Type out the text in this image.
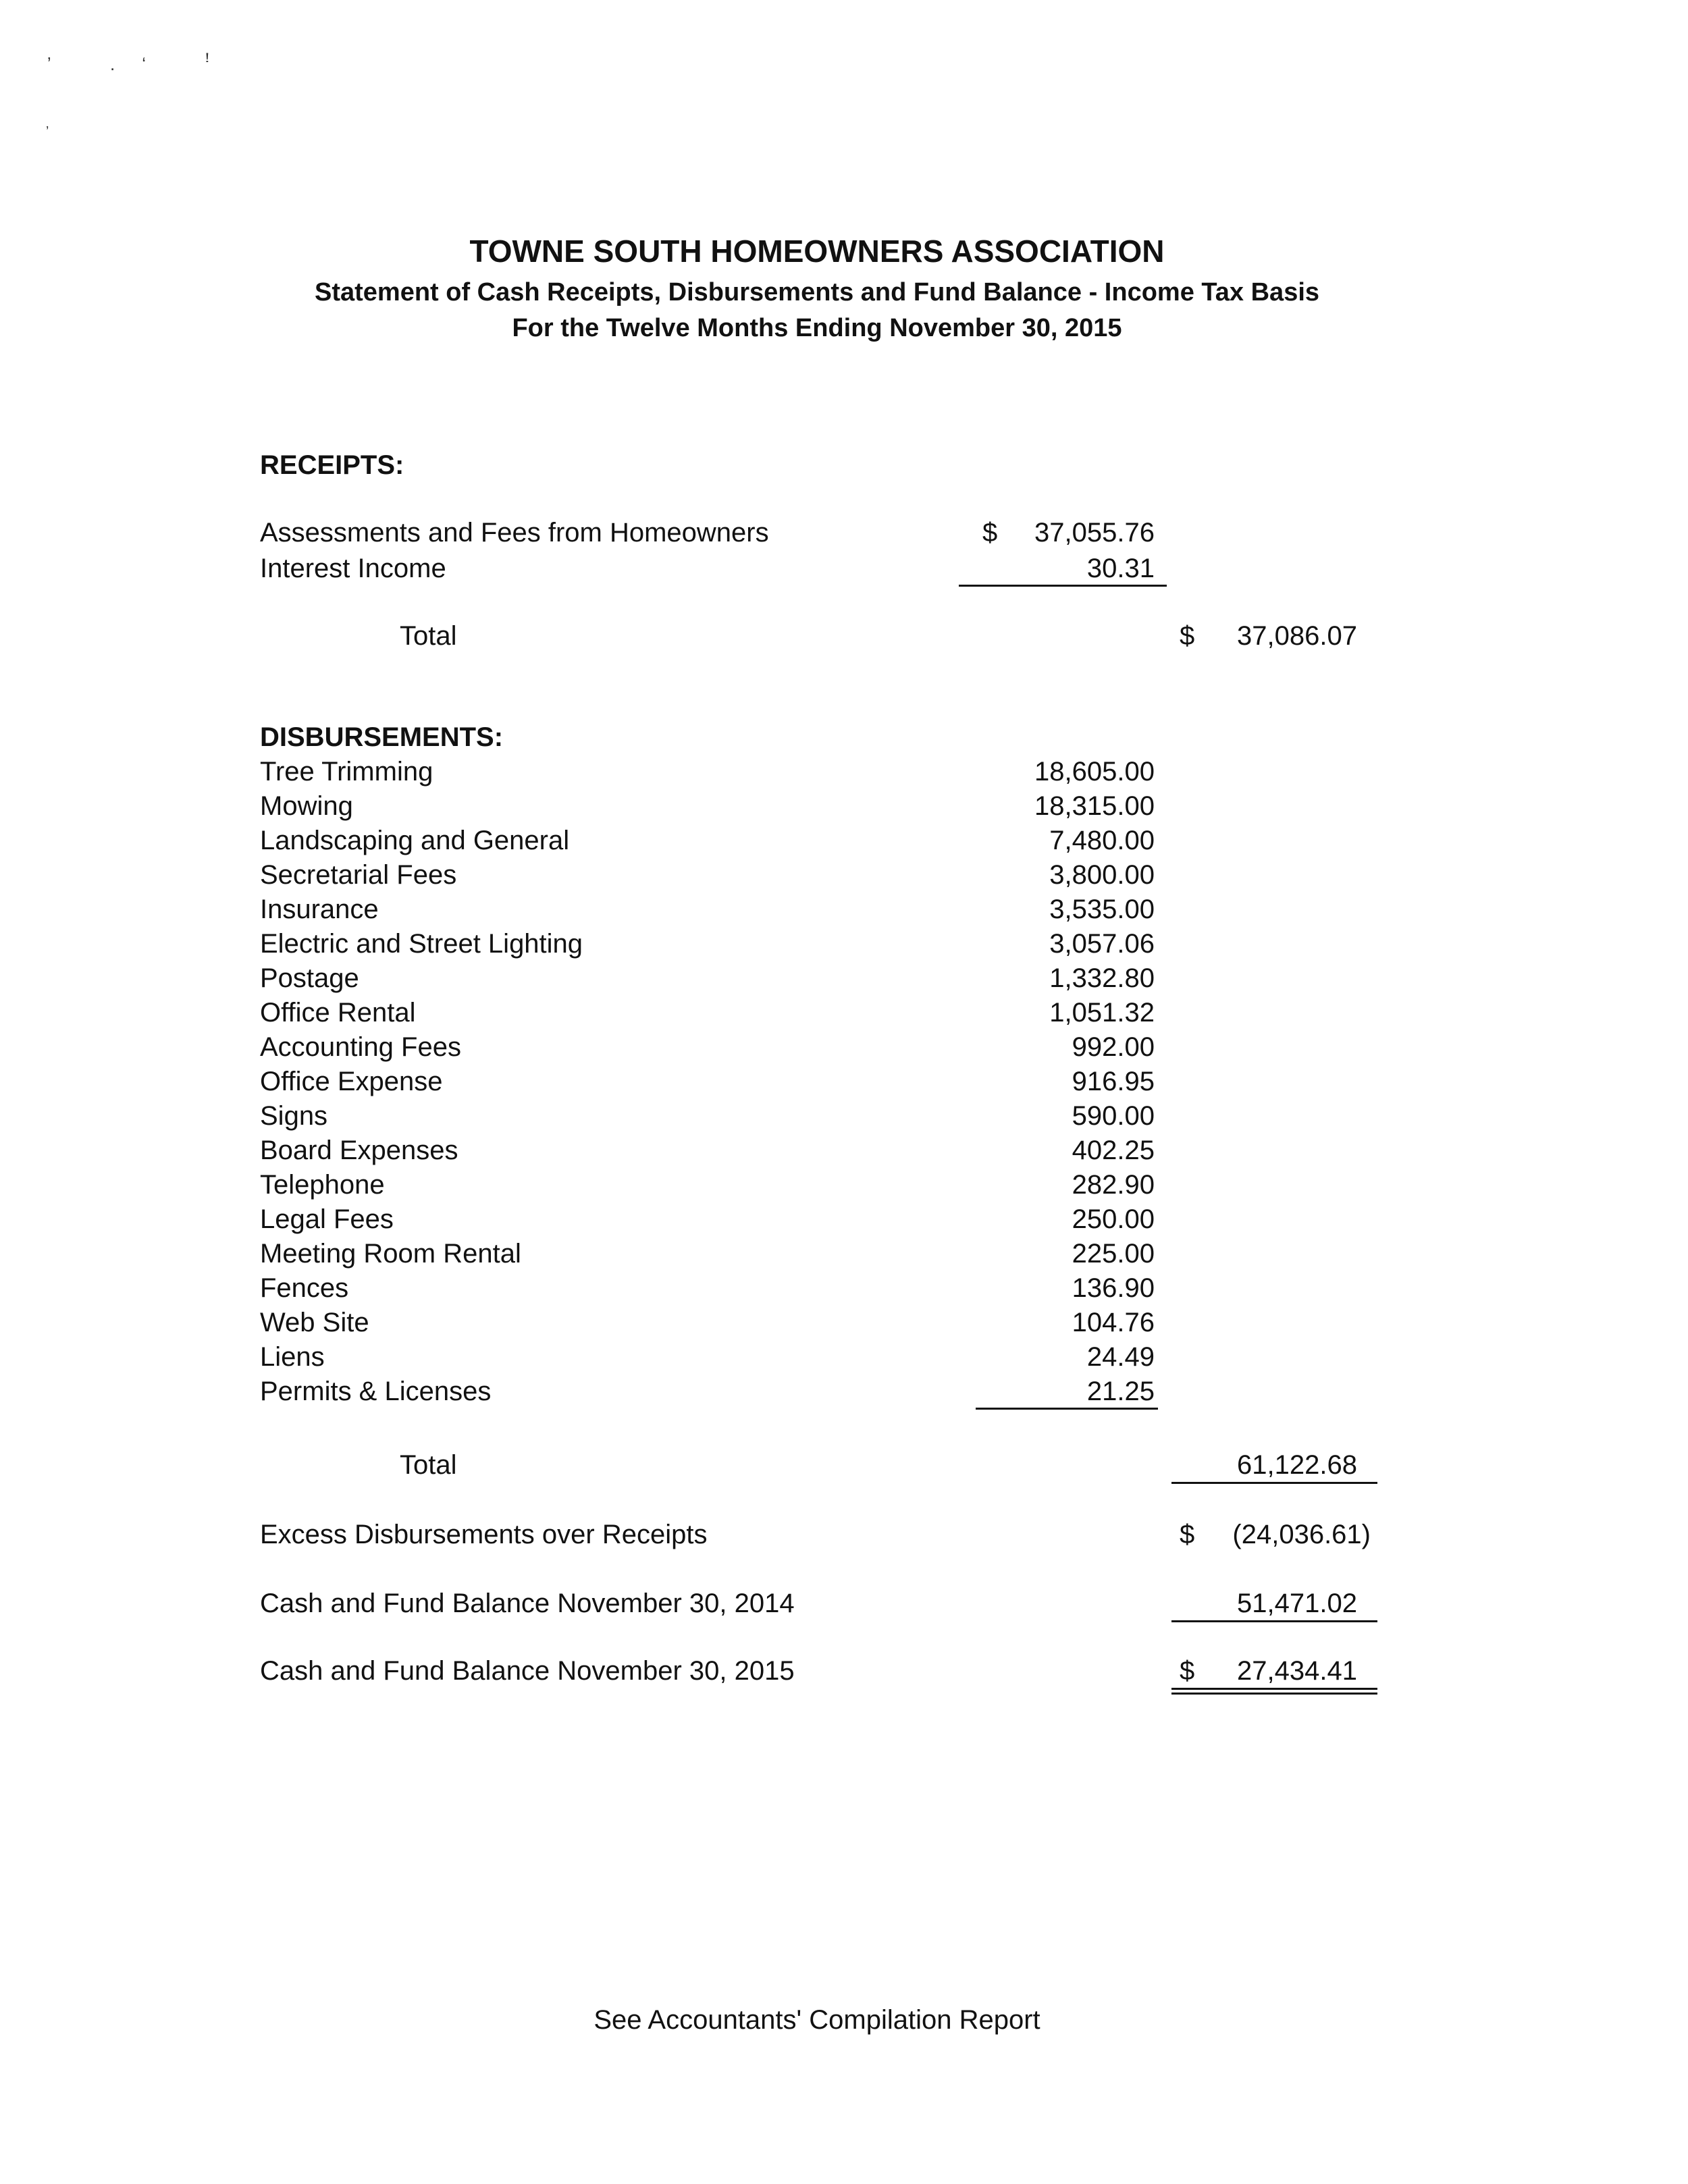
ʼ .ʻ ꜝ
ʼ
TOWNE SOUTH HOMEOWNERS ASSOCIATION
Statement of Cash Receipts, Disbursements and Fund Balance - Income Tax Basis
For the Twelve Months Ending November 30, 2015
RECEIPTS:
Assessments and Fees from Homeowners	$ 37,055.76
Interest Income	30.31
Total	$ 37,086.07
DISBURSEMENTS:
Tree Trimming	18,605.00
Mowing	18,315.00
Landscaping and General	7,480.00
Secretarial Fees	3,800.00
Insurance	3,535.00
Electric and Street Lighting	3,057.06
Postage	1,332.80
Office Rental	1,051.32
Accounting Fees	992.00
Office Expense	916.95
Signs	590.00
Board Expenses	402.25
Telephone	282.90
Legal Fees	250.00
Meeting Room Rental	225.00
Fences	136.90
Web Site	104.76
Liens	24.49
Permits & Licenses	21.25
Total	61,122.68
Excess Disbursements over Receipts	$ (24,036.61)
Cash and Fund Balance November 30, 2014	51,471.02
Cash and Fund Balance November 30, 2015	$ 27,434.41
See Accountants' Compilation Report
